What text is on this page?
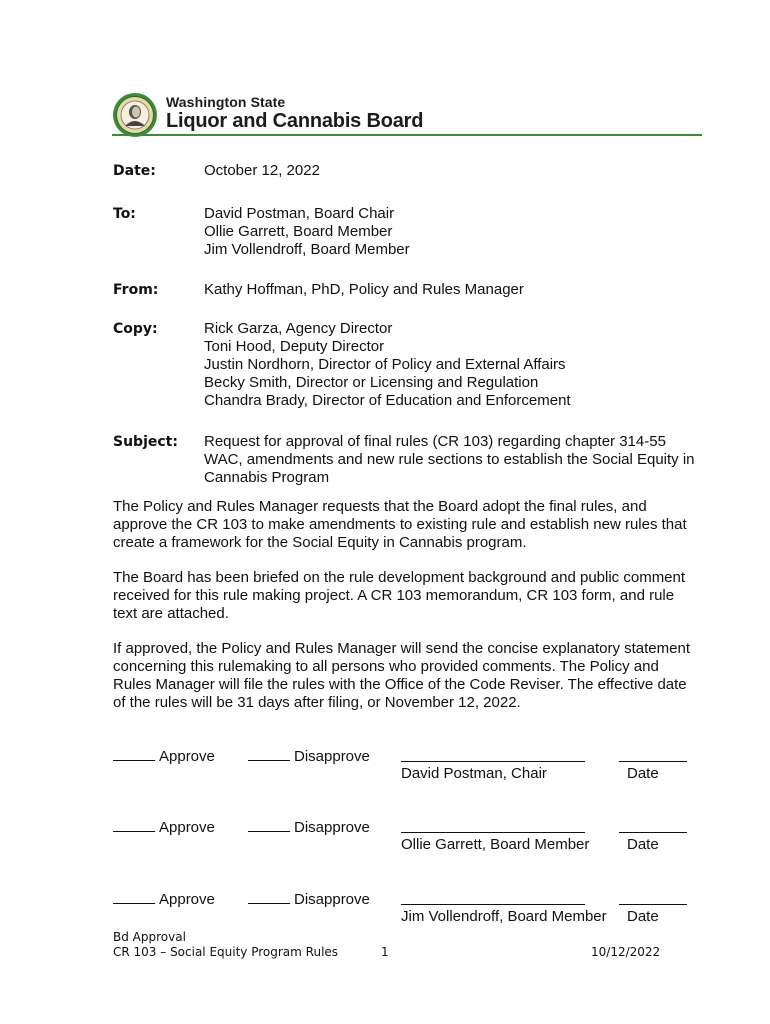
Washington State
Liquor and Cannabis Board
Date:	October 12, 2022
To:	David Postman, Board Chair
Ollie Garrett, Board Member
Jim Vollendroff, Board Member
From:	Kathy Hoffman, PhD, Policy and Rules Manager
Copy:	Rick Garza, Agency Director
Toni Hood, Deputy Director
Justin Nordhorn, Director of Policy and External Affairs
Becky Smith, Director or Licensing and Regulation
Chandra Brady, Director of Education and Enforcement
Subject: Request for approval of final rules (CR 103) regarding chapter 314-55
WAC, amendments and new rule sections to establish the Social Equity in
Cannabis Program
The Policy and Rules Manager requests that the Board adopt the final rules, and
approve the CR 103 to make amendments to existing rule and establish new rules that
create a framework for the Social Equity in Cannabis program.
The Board has been briefed on the rule development background and public comment
received for this rule making project. A CR 103 memorandum, CR 103 form, and rule
text are attached.
If approved, the Policy and Rules Manager will send the concise explanatory statement
concerning this rulemaking to all persons who provided comments. The Policy and
Rules Manager will file the rules with the Office of the Code Reviser. The effective date
of the rules will be 31 days after filing, or November 12, 2022.
Approve	Disapprove
David Postman, Chair	Date
Approve	Disapprove
Ollie Garrett, Board Member	Date
Approve	Disapprove
Jim Vollendroff, Board Member Date
Bd Approval
CR 103 – Social Equity Program Rules	1	10/12/2022
